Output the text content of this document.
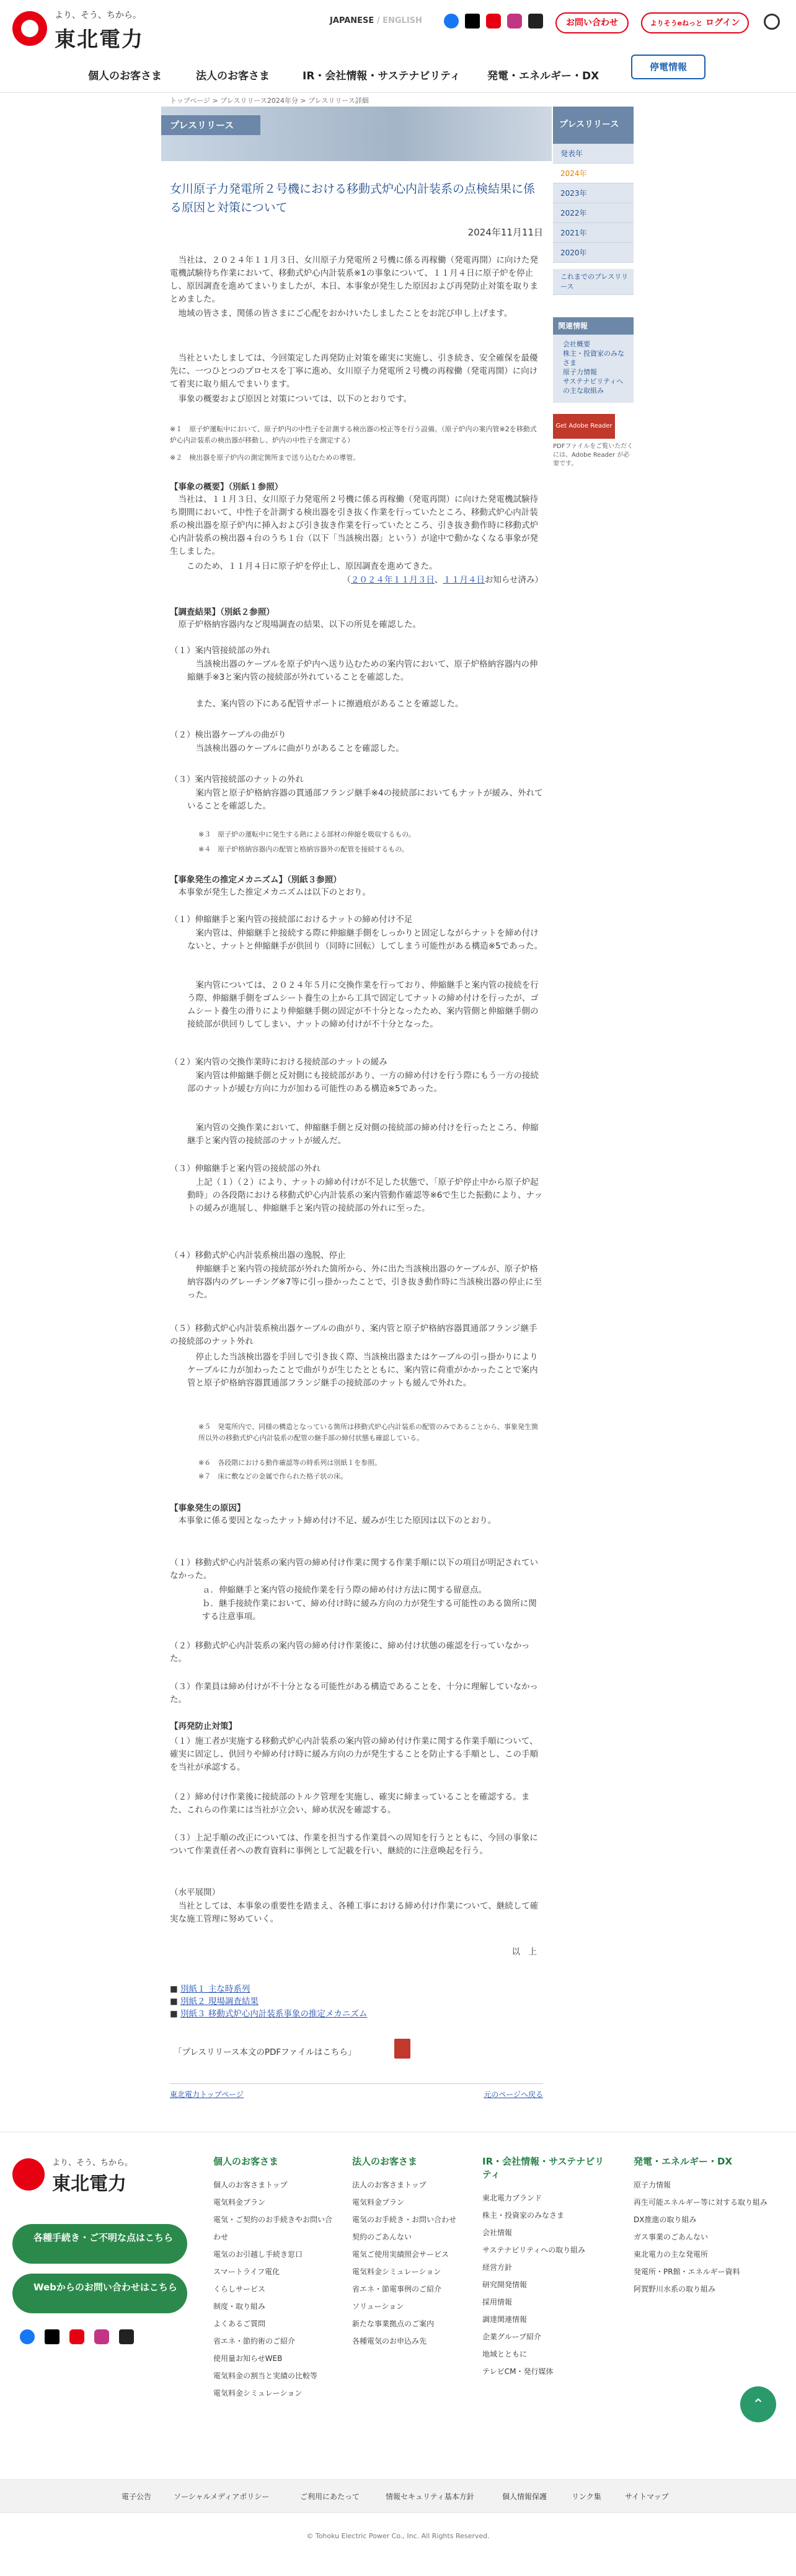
より、そう、ちから。
東北電力
JAPANESE / ENGLISH	お問い合わせ	よりそうeねっと ログイン
個人のお客さま	法人のお客さま	IR・会社情報・サステナビリティ	発電・エネルギー・DX
停電情報
トップページ > プレスリリース2024年分 > プレスリリース詳細
プレスリリース	プレスリリース
発表年
2024年
2023年
2022年
2021年
2020年
これまでのプレスリリース
関連情報
会社概要
株主・投資家のみなさま
原子力情報
サステナビリティへの主な取組み
Get Adobe Reader
PDFファイルをご覧いただくには、Adobe Reader が必要です。
女川原子力発電所２号機における移動式炉心内計装系の点検結果に係る原因と対策について
2024年11月11日
当社は、２０２４年１１月３日、女川原子力発電所２号機に係る再稼働（発電再開）に向けた発電機試験待ち作業において、移動式炉心内計装系※1の事象について、１１月４日に原子炉を停止し、原因調査を進めてまいりましたが、本日、本事象が発生した原因および再発防止対策を取りまとめました。
地域の皆さま、関係の皆さまにご心配をおかけいたしましたことをお詫び申し上げます。
当社といたしましては、今回策定した再発防止対策を確実に実施し、引き続き、安全確保を最優先に、一つひとつのプロセスを丁寧に進め、女川原子力発電所２号機の再稼働（発電再開）に向けて着実に取り組んでまいります。
事象の概要および原因と対策については、以下のとおりです。
※１　原子炉運転中において、原子炉内の中性子を計測する検出器の校正等を行う設備。（原子炉内の案内管※2を移動式炉心内計装系の検出器が移動し、炉内の中性子を測定する）
※２　検出器を原子炉内の測定箇所まで送り込むための導管。
【事象の概要】（別紙１参照）
当社は、１１月３日、女川原子力発電所２号機に係る再稼働（発電再開）に向けた発電機試験待ち期間において、中性子を計測する検出器を引き抜く作業を行っていたところ、移動式炉心内計装系の検出器を原子炉内に挿入および引き抜き作業を行っていたところ、引き抜き動作時に移動式炉心内計装系の検出器４台のうち１台（以下「当該検出器」という）が途中で動かなくなる事象が発生しました。
このため、１１月４日に原子炉を停止し、原因調査を進めてきた。
（２０２４年１１月３日、１１月４日お知らせ済み）
【調査結果】（別紙２参照）
原子炉格納容器内など現場調査の結果、以下の所見を確認した。
（１）案内管接続部の外れ
当該検出器のケーブルを原子炉内へ送り込むための案内管において、原子炉格納容器内の伸縮継手※3と案内管の接続部が外れていることを確認した。
また、案内管の下にある配管サポートに擦過痕があることを確認した。
（２）検出器ケーブルの曲がり
当該検出器のケーブルに曲がりがあることを確認した。
（３）案内管接続部のナットの外れ
案内管と原子炉格納容器の貫通部フランジ継手※4の接続部においてもナットが緩み、外れていることを確認した。
※３　原子炉の運転中に発生する熱による部材の伸縮を吸収するもの。
※４　原子炉格納容器内の配管と格納容器外の配管を接続するもの。
【事象発生の推定メカニズム】（別紙３参照）
本事象が発生した推定メカニズムは以下のとおり。
（１）伸縮継手と案内管の接続部におけるナットの締め付け不足
案内管は、伸縮継手と接続する際に伸縮継手側をしっかりと固定しながらナットを締め付けないと、ナットと伸縮継手が供回り（同時に回転）してしまう可能性がある構造※5であった。
案内管については、２０２４年５月に交換作業を行っており、伸縮継手と案内管の接続を行う際、伸縮継手側をゴムシート養生の上から工具で固定してナットの締め付けを行ったが、ゴムシート養生の滑りにより伸縮継手側の固定が不十分となったため、案内管側と伸縮継手側の接続部が供回りしてしまい、ナットの締め付けが不十分となった。
（２）案内管の交換作業時における接続部のナットの緩み
案内管は伸縮継手側と反対側にも接続部があり、一方の締め付けを行う際にもう一方の接続部のナットが緩む方向に力が加わる可能性のある構造※5であった。
案内管の交換作業において、伸縮継手側と反対側の接続部の締め付けを行ったところ、伸縮継手と案内管の接続部のナットが緩んだ。
（３）伸縮継手と案内管の接続部の外れ
上記（１）（２）により、ナットの締め付けが不足した状態で、「原子炉停止中から原子炉起動時」の各段階における移動式炉心内計装系の案内管動作確認等※6で生じた振動により、ナットの緩みが進展し、伸縮継手と案内管の接続部の外れに至った。
（４）移動式炉心内計装系検出器の逸脱、停止
伸縮継手と案内管の接続部が外れた箇所から、外に出た当該検出器のケーブルが、原子炉格納容器内のグレーチング※7等に引っ掛かったことで、引き抜き動作時に当該検出器の停止に至った。
（５）移動式炉心内計装系検出器ケーブルの曲がり、案内管と原子炉格納容器貫通部フランジ継手の接続部のナット外れ
停止した当該検出器を手回しで引き抜く際、当該検出器またはケーブルの引っ掛かりによりケーブルに力が加わったことで曲がりが生じたとともに、案内管に荷重がかかったことで案内管と原子炉格納容器貫通部フランジ継手の接続部のナットも緩んで外れた。
※５　発電所内で、同様の構造となっている箇所は移動式炉心内計装系の配管のみであることから、事象発生箇所以外の移動式炉心内計装系の配管の継手部の締付状態も確認している。
※６　各段階における動作確認等の時系列は別紙１を参照。
※７　床に敷などの金属で作られた格子状の床。
【事象発生の原因】
本事象に係る要因となったナット締め付け不足、緩みが生じた原因は以下のとおり。
（１）移動式炉心内計装系の案内管の締め付け作業に関する作業手順に以下の項目が明記されていなかった。
ａ．伸縮継手と案内管の接続作業を行う際の締め付け方法に関する留意点。
ｂ．継手接続作業において、締め付け時に緩み方向の力が発生する可能性のある箇所に関する注意事項。
（２）移動式炉心内計装系の案内管の締め付け作業後に、締め付け状態の確認を行っていなかった。
（３）作業員は締め付けが不十分となる可能性がある構造であることを、十分に理解していなかった。
【再発防止対策】
（１）施工者が実施する移動式炉心内計装系の案内管の締め付け作業に関する作業手順について、確実に固定し、供回りや締め付け時に緩み方向の力が発生することを防止する手順とし、この手順を当社が承認する。
（２）締め付け作業後に接続部のトルク管理を実施し、確実に締まっていることを確認する。また、これらの作業には当社が立会い、締め状況を確認する。
（３）上記手順の改正については、作業を担当する作業員への周知を行うとともに、今回の事象について作業責任者への教育資料に事例として記載を行い、継続的に注意喚起を行う。
（水平展開）
当社としては、本事象の重要性を踏まえ、各種工事における締め付け作業について、継続して確実な施工管理に努めていく。
以　上
■ 別紙１ 主な時系列
■ 別紙２ 現場調査結果
■ 別紙３ 移動式炉心内計装系事象の推定メカニズム
「プレスリリース本文のPDFファイルはこちら」
東北電力トップページ	元のページへ戻る
より、そう、ちから。
東北電力
各種手続き・ご不明な点はこちら
Webからのお問い合わせはこちら
個人のお客さま
個人のお客さまトップ
電気料金プラン
電気・ご契約のお手続きやお問い合わせ
電気のお引越し手続き窓口
スマートライフ電化
くらしサービス
制度・取り組み
よくあるご質問
省エネ・節約術のご紹介
使用量お知らせWEB
電気料金の割当と実績の比較等
電気料金シミュレーション
法人のお客さま
法人のお客さまトップ
電気料金プラン
電気のお手続き・お問い合わせ
契約のごあんない
電気ご使用実績照会サービス
電気料金シミュレーション
省エネ・節電事例のご紹介
ソリューション
新たな事業拠点のご案内
各種電気のお申込み先
IR・会社情報・サステナビリティ
東北電力ブランド
株主・投資家のみなさま
会社情報
サステナビリティへの取り組み
経営方針
研究開発情報
採用情報
調達関連情報
企業グループ紹介
地域とともに
テレビCM・発行媒体
発電・エネルギー・DX
原子力情報
再生可能エネルギー等に対する取り組み
DX推進の取り組み
ガス事業のごあんない
東北電力の主な発電所
発電所・PR館・エネルギー資料
阿賀野川水系の取り組み
⌃
電子公告	ソーシャルメディアポリシー	ご利用にあたって	情報セキュリティ基本方針	個人情報保護	リンク集	サイトマップ
© Tohoku Electric Power Co., Inc. All Rights Reserved.
